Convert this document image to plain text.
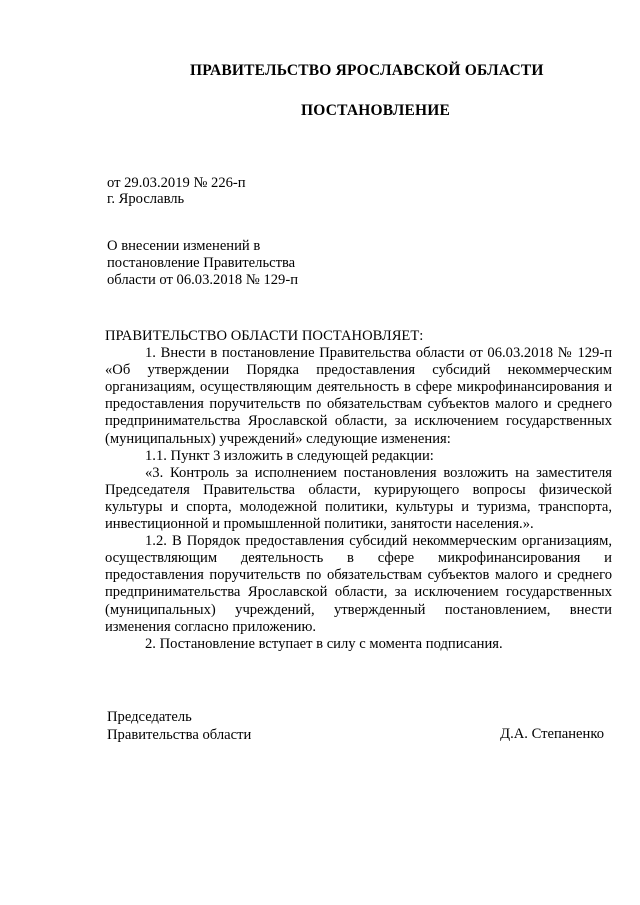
ПРАВИТЕЛЬСТВО ЯРОСЛАВСКОЙ ОБЛАСТИ
ПОСТАНОВЛЕНИЕ
от 29.03.2019 № 226-п
г. Ярославль
О внесении изменений в
постановление Правительства
области от 06.03.2018 № 129-п

ПРАВИТЕЛЬСТВО ОБЛАСТИ ПОСТАНОВЛЯЕТ:

1. Внести в постановление Правительства области от 06.03.2018 № 129-п «Об утверждении Порядка предоставления субсидий некоммерческим организациям, осуществляющим деятельность в сфере микрофинансирования и предоставления поручительств по обязательствам субъектов малого и среднего предпринимательства Ярославской области, за исключением государственных (муниципальных) учреждений» следующие изменения:

1.1. Пункт 3 изложить в следующей редакции:

«3. Контроль за исполнением постановления возложить на заместителя Председателя Правительства области, курирующего вопросы физической культуры и спорта, молодежной политики, культуры и туризма, транспорта, инвестиционной и промышленной политики, занятости населения.».

1.2. В Порядок предоставления субсидий некоммерческим организациям, осуществляющим деятельность в сфере микрофинансирования и предоставления поручительств по обязательствам субъектов малого и среднего предпринимательства Ярославской области, за исключением государственных (муниципальных) учреждений, утвержденный постановлением, внести изменения согласно приложению.

2. Постановление вступает в силу с момента подписания.

Председатель
Правительства области	Д.А. Степаненко
